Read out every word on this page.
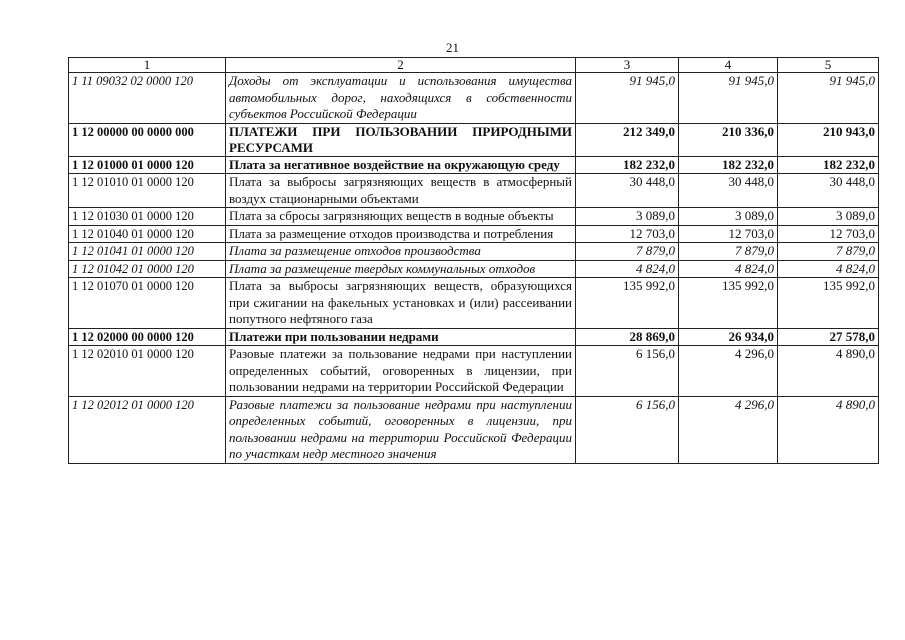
21
1	2	3	4	5
1 11 09032 02 0000 120	Доходы от эксплуатации и использования имущества автомобильных дорог, находящихся в собственности субъектов Российской Федерации	91 945,0	91 945,0	91 945,0
1 12 00000 00 0000 000	ПЛАТЕЖИ ПРИ ПОЛЬЗОВАНИИ ПРИРОДНЫМИ РЕСУРСАМИ	212 349,0	210 336,0	210 943,0
1 12 01000 01 0000 120	Плата за негативное воздействие на окружающую среду	182 232,0	182 232,0	182 232,0
1 12 01010 01 0000 120	Плата за выбросы загрязняющих веществ в атмосферный воздух стационарными объектами	30 448,0	30 448,0	30 448,0
1 12 01030 01 0000 120	Плата за сбросы загрязняющих веществ в водные объекты	3 089,0	3 089,0	3 089,0
1 12 01040 01 0000 120	Плата за размещение отходов производства и потребления	12 703,0	12 703,0	12 703,0
1 12 01041 01 0000 120	Плата за размещение отходов производства	7 879,0	7 879,0	7 879,0
1 12 01042 01 0000 120	Плата за размещение твердых коммунальных отходов	4 824,0	4 824,0	4 824,0
1 12 01070 01 0000 120	Плата за выбросы загрязняющих веществ, образующихся при сжигании на факельных установках и (или) рассеивании попутного нефтяного газа	135 992,0	135 992,0	135 992,0
1 12 02000 00 0000 120	Платежи при пользовании недрами	28 869,0	26 934,0	27 578,0
1 12 02010 01 0000 120	Разовые платежи за пользование недрами при наступлении определенных событий, оговоренных в лицензии, при пользовании недрами на территории Российской Федерации	6 156,0	4 296,0	4 890,0
1 12 02012 01 0000 120	Разовые платежи за пользование недрами при наступлении определенных событий, оговоренных в лицензии, при пользовании недрами на территории Российской Федерации по участкам недр местного значения	6 156,0	4 296,0	4 890,0
